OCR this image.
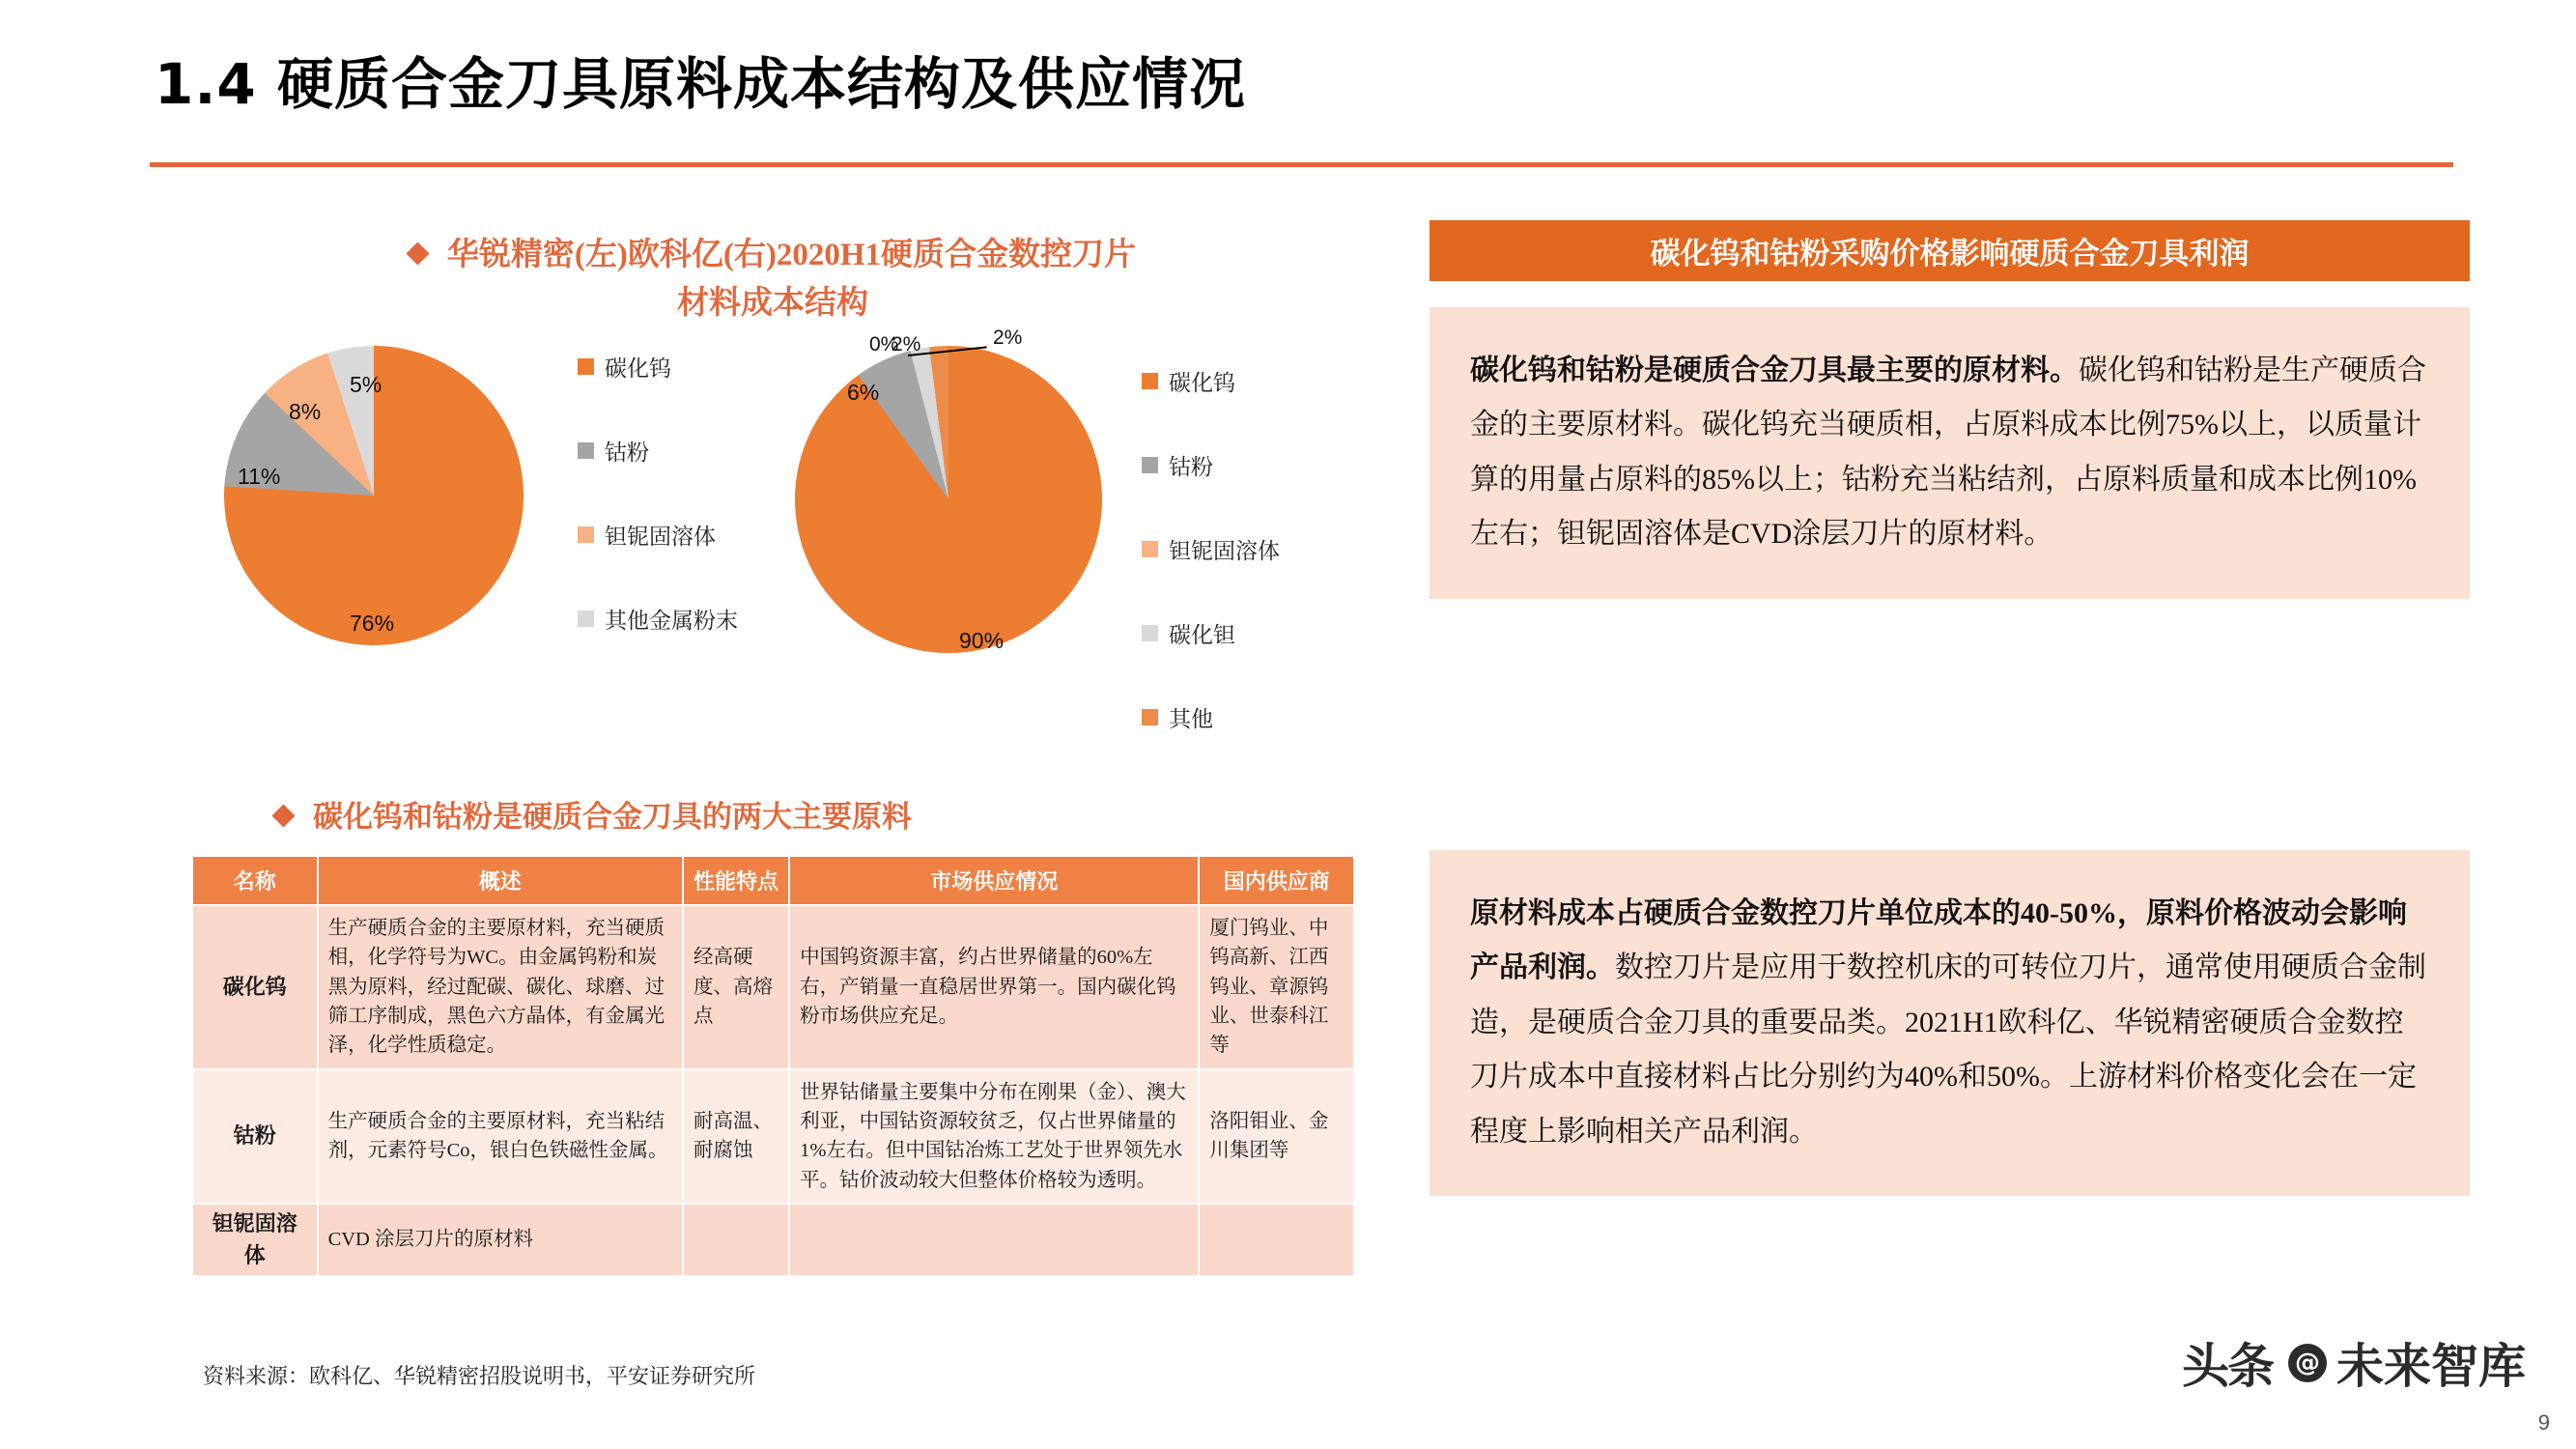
1.4 硬质合金刀具原料成本结构及供应情况
华锐精密(左)欧科亿(右)2020H1硬质合金数控刀片
材料成本结构
76%
11%
8%
5%
碳化钨
钴粉
钽铌固溶体
其他金属粉末
90%
6%
0%
2%	2%
碳化钨
钴粉
钽铌固溶体
碳化钽
其他
碳化钨和钴粉是硬质合金刀具的两大主要原料
名称	概述	性能特点	市场供应情况	国内供应商
碳化钨	生产硬质合金的主要原材料，充当硬质相，化学符号为WC。由金属钨粉和炭黑为原料，经过配碳、碳化、球磨、过筛工序制成，黑色六方晶体，有金属光泽，化学性质稳定。	经高硬度、高熔点	中国钨资源丰富，约占世界储量的60%左右，产销量一直稳居世界第一。国内碳化钨粉市场供应充足。	厦门钨业、中钨高新、江西钨业、章源钨业、世泰科江等
钴粉	生产硬质合金的主要原材料，充当粘结剂，元素符号Co，银白色铁磁性金属。	耐高温、耐腐蚀	世界钴储量主要集中分布在刚果（金）、澳大利亚，中国钴资源较贫乏，仅占世界储量的1%左右。但中国钴冶炼工艺处于世界领先水平。钴价波动较大但整体价格较为透明。	洛阳钼业、金川集团等
钽铌固溶体	CVD 涂层刀片的原材料			
资料来源：欧科亿、华锐精密招股说明书，平安证券研究所
碳化钨和钴粉采购价格影响硬质合金刀具利润
碳化钨和钴粉是硬质合金刀具最主要的原材料。碳化钨和钴粉是生产硬质合金的主要原材料。碳化钨充当硬质相，占原料成本比例75%以上，以质量计算的用量占原料的85%以上；钴粉充当粘结剂，占原料质量和成本比例10%左右；钽铌固溶体是CVD涂层刀片的原材料。
原材料成本占硬质合金数控刀片单位成本的40-50%，原料价格波动会影响产品利润。数控刀片是应用于数控机床的可转位刀片，通常使用硬质合金制造，是硬质合金刀具的重要品类。2021H1欧科亿、华锐精密硬质合金数控刀片成本中直接材料占比分别约为40%和50%。上游材料价格变化会在一定程度上影响相关产品利润。
头条 @ 未来智库
9
